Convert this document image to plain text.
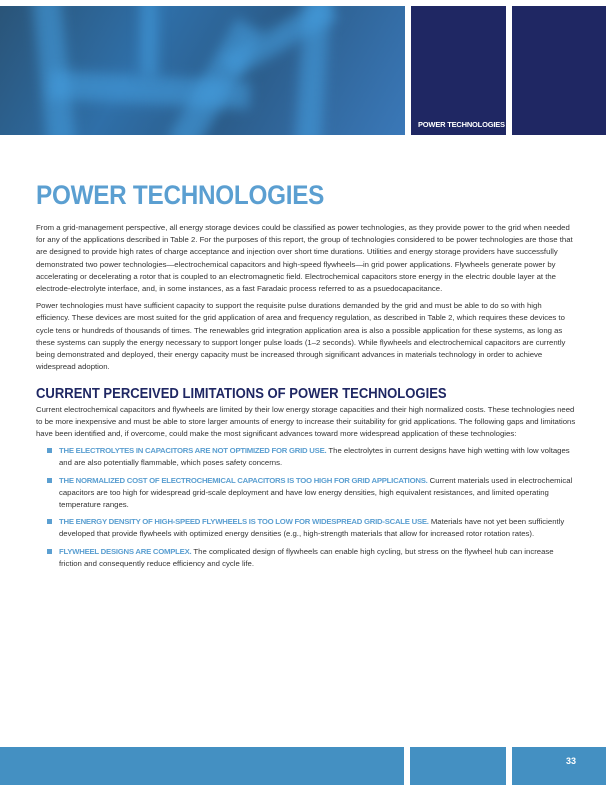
POWER TECHNOLOGIES
POWER TECHNOLOGIES

From a grid-management perspective, all energy storage devices could be classified as power technologies, as they provide power to the grid when needed for any of the applications described in Table 2. For the purposes of this report, the group of technologies considered to be power technologies are those that are designed to provide high rates of charge acceptance and injection over short time durations. Utilities and energy storage providers have successfully demonstrated two power technologies—electrochemical capacitors and high-speed flywheels—in grid power applications. Flywheels generate power by accelerating or decelerating a rotor that is coupled to an electromagnetic field. Electrochemical capacitors store energy in the electric double layer at the electrode-electrolyte interface, and, in some instances, as a fast Faradaic process referred to as a psuedocapacitance.

Power technologies must have sufficient capacity to support the requisite pulse durations demanded by the grid and must be able to do so with high efficiency. These devices are most suited for the grid application of area and frequency regulation, as described in Table 2, which requires these devices to cycle tens or hundreds of thousands of times. The renewables grid integration application area is also a possible application for these systems, as long as these systems can supply the energy necessary to support longer pulse loads (1–2 seconds). While flywheels and electrochemical capacitors are currently being demonstrated and deployed, their energy capacity must be increased through significant advances in materials technology in order to achieve widespread adoption.

CURRENT PERCEIVED LIMITATIONS OF POWER TECHNOLOGIES

Current electrochemical capacitors and flywheels are limited by their low energy storage capacities and their high normalized costs. These technologies need to be more inexpensive and must be able to store larger amounts of energy to increase their suitability for grid applications. The following gaps and limitations have been identified and, if overcome, could make the most significant advances toward more widespread application of these technologies:

THE ELECTROLYTES IN CAPACITORS ARE NOT OPTIMIZED FOR GRID USE. The electrolytes in current designs have high wetting with low voltages and are also potentially flammable, which poses safety concerns.
THE NORMALIZED COST OF ELECTROCHEMICAL CAPACITORS IS TOO HIGH FOR GRID APPLICATIONS. Current materials used in electrochemical capacitors are too high for widespread grid-scale deployment and have low energy densities, high equivalent resistances, and limited operating temperature ranges.
THE ENERGY DENSITY OF HIGH-SPEED FLYWHEELS IS TOO LOW FOR WIDESPREAD GRID-SCALE USE. Materials have not yet been sufficiently developed that provide flywheels with optimized energy densities (e.g., high-strength materials that allow for increased rotor rotation rates).
FLYWHEEL DESIGNS ARE COMPLEX. The complicated design of flywheels can enable high cycling, but stress on the flywheel hub can increase friction and consequently reduce efficiency and cycle life.
33
